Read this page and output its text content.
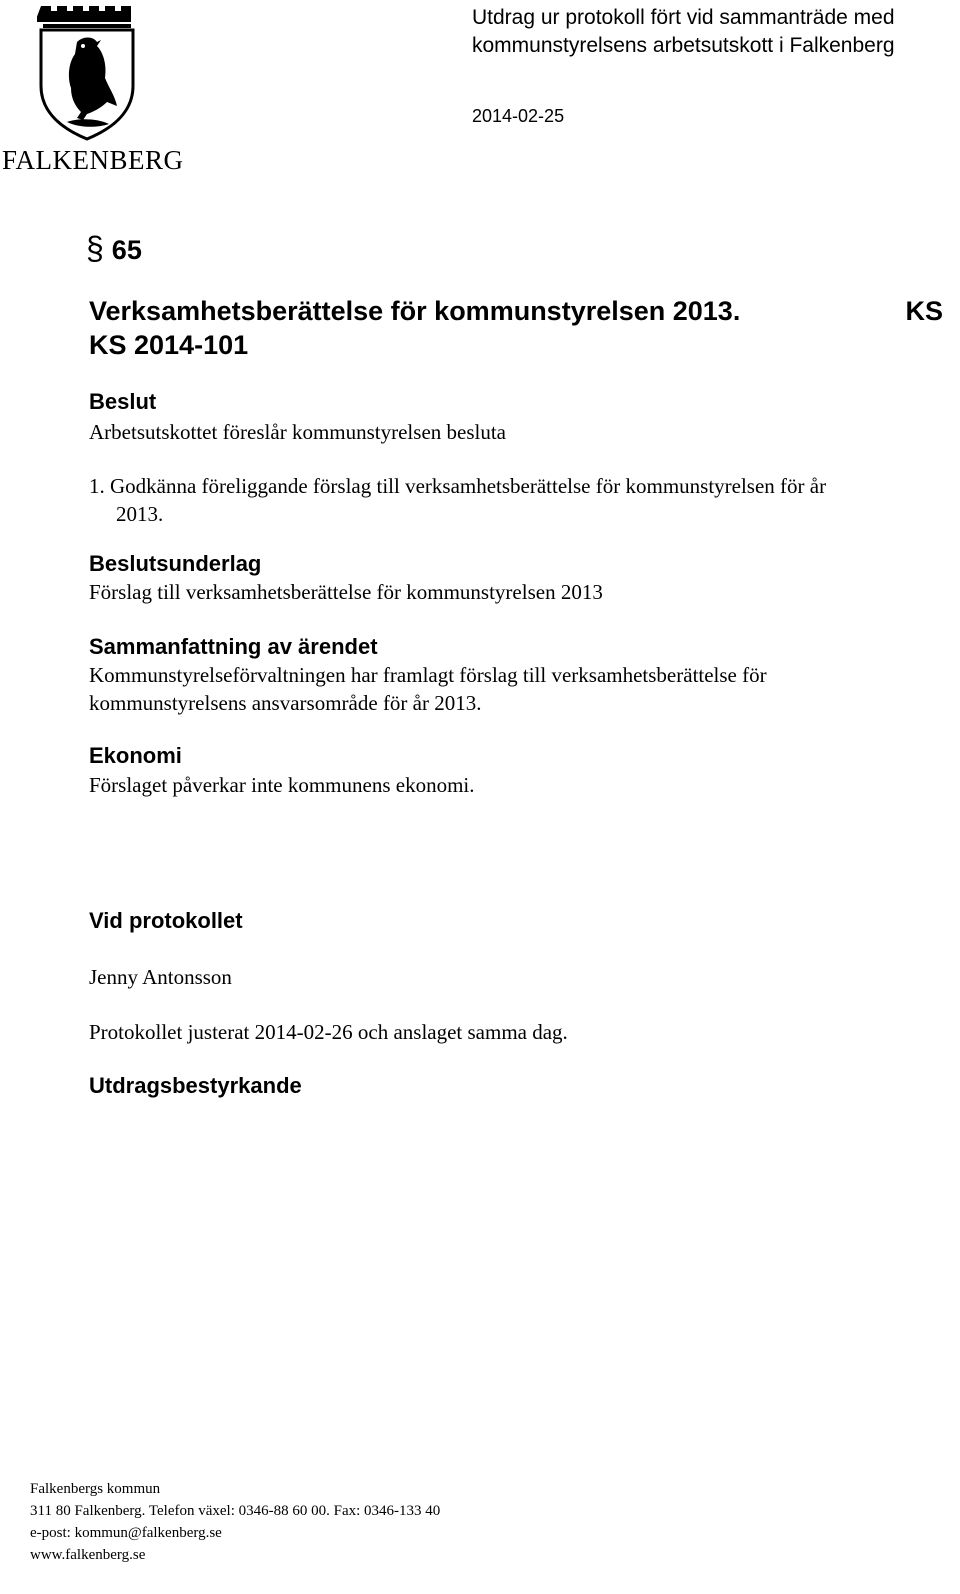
FALKENBERG
Utdrag ur protokoll fört vid sammanträde med
kommunstyrelsens arbetsutskott i Falkenberg
2014-02-25
§ 65
Verksamhetsberättelse för kommunstyrelsen 2013.
KS 2014-101
KS
Beslut
Arbetsutskottet föreslår kommunstyrelsen besluta
1. Godkänna föreliggande förslag till verksamhetsberättelse för kommunstyrelsen för år
2013.
Beslutsunderlag
Förslag till verksamhetsberättelse för kommunstyrelsen 2013
Sammanfattning av ärendet
Kommunstyrelseförvaltningen har framlagt förslag till verksamhetsberättelse för
kommunstyrelsens ansvarsområde för år 2013.
Ekonomi
Förslaget påverkar inte kommunens ekonomi.
Vid protokollet
Jenny Antonsson
Protokollet justerat 2014-02-26 och anslaget samma dag.
Utdragsbestyrkande
Falkenbergs kommun
311 80 Falkenberg. Telefon växel: 0346-88 60 00. Fax: 0346-133 40
e-post: kommun@falkenberg.se
www.falkenberg.se
